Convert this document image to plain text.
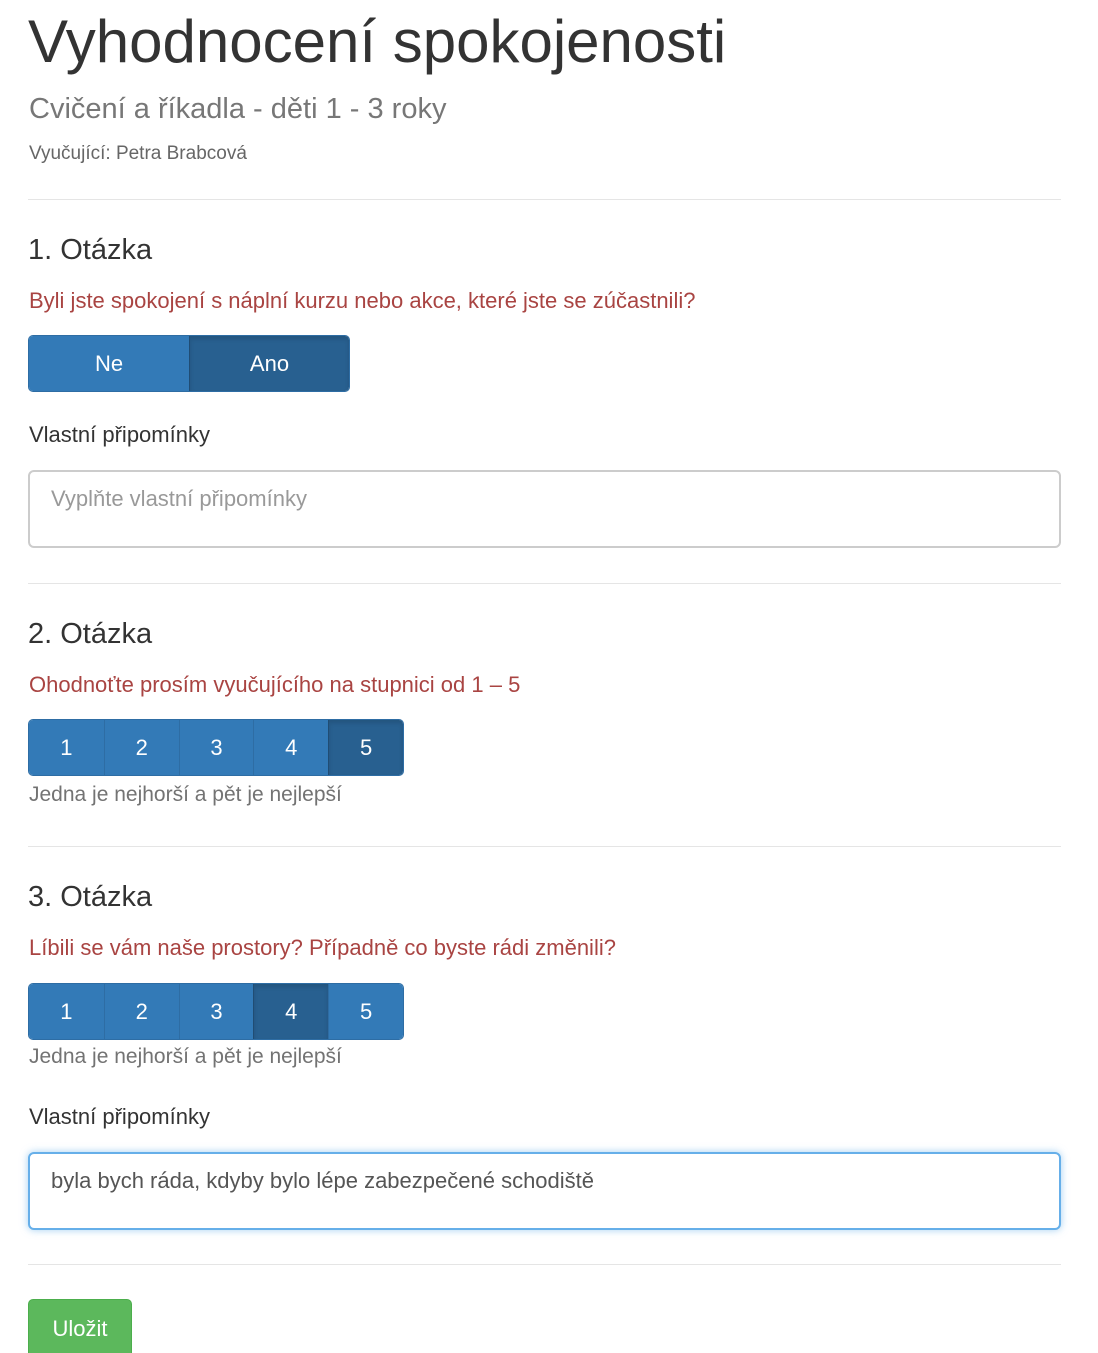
Vyhodnocení spokojenosti
Cvičení a říkadla - děti 1 - 3 roky
Vyučující: Petra Brabcová
1. Otázka
Byli jste spokojení s náplní kurzu nebo akce, které jste se zúčastnili?
Ne	Ano
Vlastní připomínky
Vyplňte vlastní připomínky
2. Otázka
Ohodnoťte prosím vyučujícího na stupnici od 1 – 5
1	2	3	4	5
Jedna je nejhorší a pět je nejlepší
3. Otázka
Líbili se vám naše prostory? Případně co byste rádi změnili?
1	2	3	4	5
Jedna je nejhorší a pět je nejlepší
Vlastní připomínky
byla bych ráda, kdyby bylo lépe zabezpečené schodiště
Uložit
